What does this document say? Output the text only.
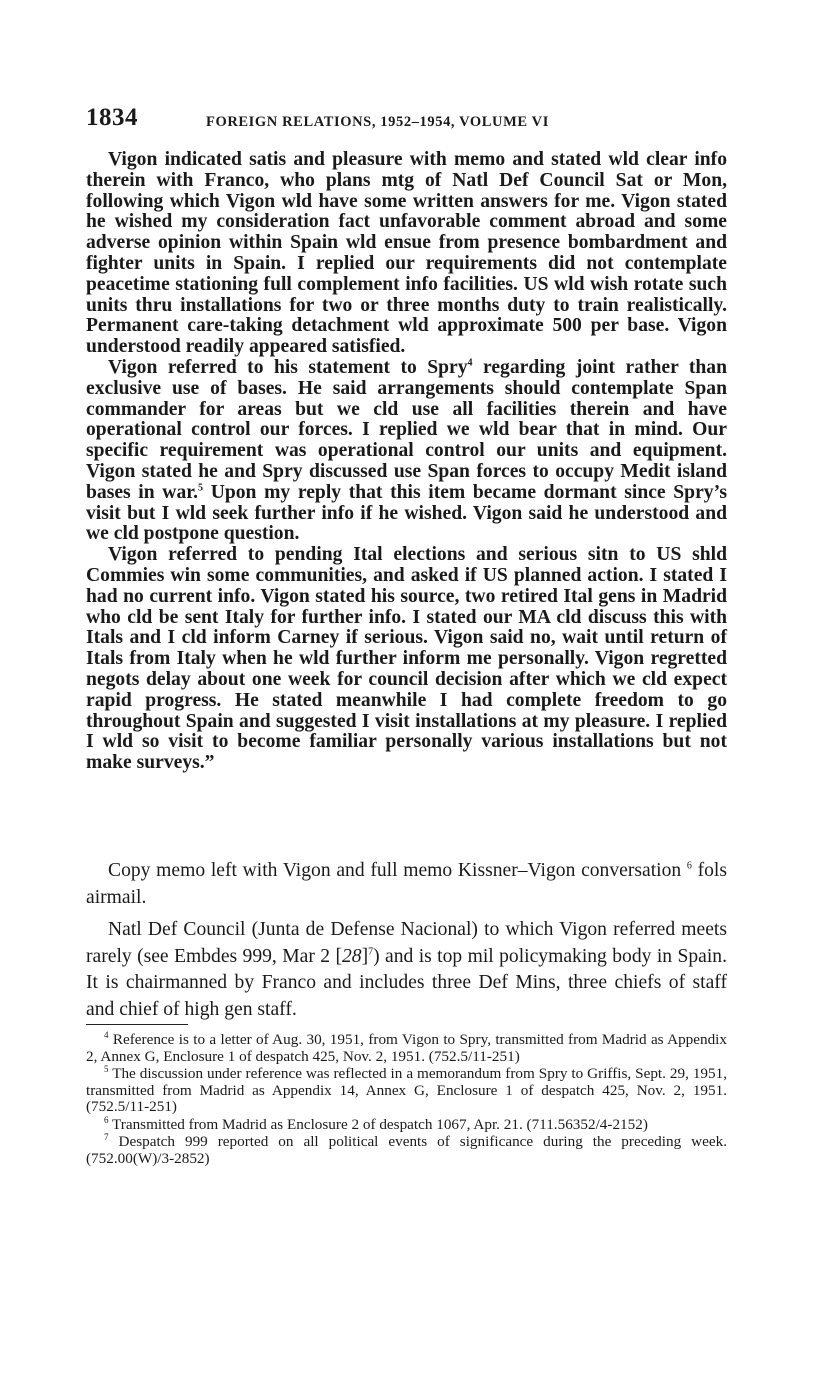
1834	FOREIGN RELATIONS, 1952–1954, VOLUME VI

Vigon indicated satis and pleasure with memo and stated wld clear info therein with Franco, who plans mtg of Natl Def Council Sat or Mon, following which Vigon wld have some written answers for me. Vigon stated he wished my consideration fact unfavorable comment abroad and some adverse opinion within Spain wld ensue from presence bombardment and fighter units in Spain. I replied our requirements did not contemplate peacetime stationing full complement info facilities. US wld wish rotate such units thru installations for two or three months duty to train realistically. Permanent care-taking detachment wld approximate 500 per base. Vigon understood readily appeared satisfied.

Vigon referred to his statement to Spry$^4$ regarding joint rather than exclusive use of bases. He said arrangements should contemplate Span commander for areas but we cld use all facilities therein and have operational control our forces. I replied we wld bear that in mind. Our specific requirement was operational control our units and equipment. Vigon stated he and Spry discussed use Span forces to occupy Medit island bases in war.$^5$ Upon my reply that this item became dormant since Spry’s visit but I wld seek further info if he wished. Vigon said he understood and we cld postpone question.

Vigon referred to pending Ital elections and serious sitn to US shld Commies win some communities, and asked if US planned action. I stated I had no current info. Vigon stated his source, two retired Ital gens in Madrid who cld be sent Italy for further info. I stated our MA cld discuss this with Itals and I cld inform Carney if serious. Vigon said no, wait until return of Itals from Italy when he wld further inform me personally. Vigon regretted negots delay about one week for council decision after which we cld expect rapid progress. He stated meanwhile I had complete freedom to go throughout Spain and suggested I visit installations at my pleasure. I replied I wld so visit to become familiar personally various installations but not make surveys.”

Copy memo left with Vigon and full memo Kissner–Vigon conversation $^6$ fols airmail.

Natl Def Council (Junta de Defense Nacional) to which Vigon referred meets rarely (see Embdes 999, Mar 2 $[28]^7$) and is top mil policymaking body in Spain. It is chairmanned by Franco and includes three Def Mins, three chiefs of staff and chief of high gen staff.

$^4$ Reference is to a letter of Aug. 30, 1951, from Vigon to Spry, transmitted from Madrid as Appendix 2, Annex G, Enclosure 1 of despatch 425, Nov. 2, 1951. (752.5/11-251)

$^5$ The discussion under reference was reflected in a memorandum from Spry to Griffis, Sept. 29, 1951, transmitted from Madrid as Appendix 14, Annex G, Enclosure 1 of despatch 425, Nov. 2, 1951. (752.5/11-251)

$^6$ Transmitted from Madrid as Enclosure 2 of despatch 1067, Apr. 21. (711.56352/4-2152)

$^7$ Despatch 999 reported on all political events of significance during the preceding week. (752.00(W)/3-2852)
